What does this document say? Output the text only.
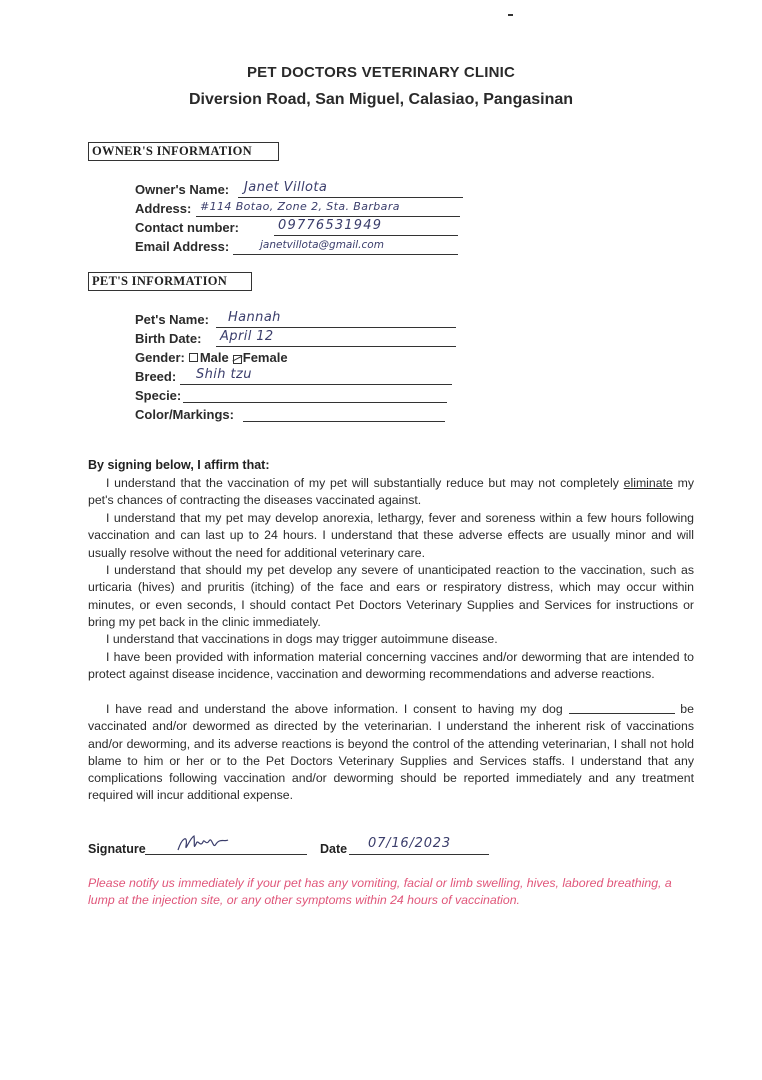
PET DOCTORS VETERINARY CLINIC
Diversion Road, San Miguel, Calasiao, Pangasinan
OWNER'S INFORMATION
Owner's Name: Janet Villota
Address: #114 Botao, Zone 2, Sta. Barbara
Contact number:	09776531949
Email Address:	janetvillota@gmail.com
PET'S INFORMATION
Pet's Name: Hannah
Birth Date: April 12
Gender: Male Female
Breed: Shih tzu
Specie:
Color/Markings:
By signing below, I affirm that:
I understand that the vaccination of my pet will substantially reduce but may not completely eliminate my pet's chances of contracting the diseases vaccinated against.
I understand that my pet may develop anorexia, lethargy, fever and soreness within a few hours following vaccination and can last up to 24 hours. I understand that these adverse effects are usually minor and will usually resolve without the need for additional veterinary care.
I understand that should my pet develop any severe of unanticipated reaction to the vaccination, such as urticaria (hives) and pruritis (itching) of the face and ears or respiratory distress, which may occur within minutes, or even seconds, I should contact Pet Doctors Veterinary Supplies and Services for instructions or bring my pet back in the clinic immediately.
I understand that vaccinations in dogs may trigger autoimmune disease.
I have been provided with information material concerning vaccines and/or deworming that are intended to protect against disease incidence, vaccination and deworming recommendations and adverse reactions.
I have read and understand the above information. I consent to having my dog	be vaccinated and/or dewormed as directed by the veterinarian. I understand the inherent risk of vaccinations and/or deworming, and its adverse reactions is beyond the control of the attending veterinarian, I shall not hold blame to him or her or to the Pet Doctors Veterinary Supplies and Services staffs. I understand that any complications following vaccination and/or deworming should be reported immediately and any treatment required will incur additional expense.
Signature	Date 07/16/2023
Please notify us immediately if your pet has any vomiting, facial or limb swelling, hives, labored breathing, a lump at the injection site, or any other symptoms within 24 hours of vaccination.
